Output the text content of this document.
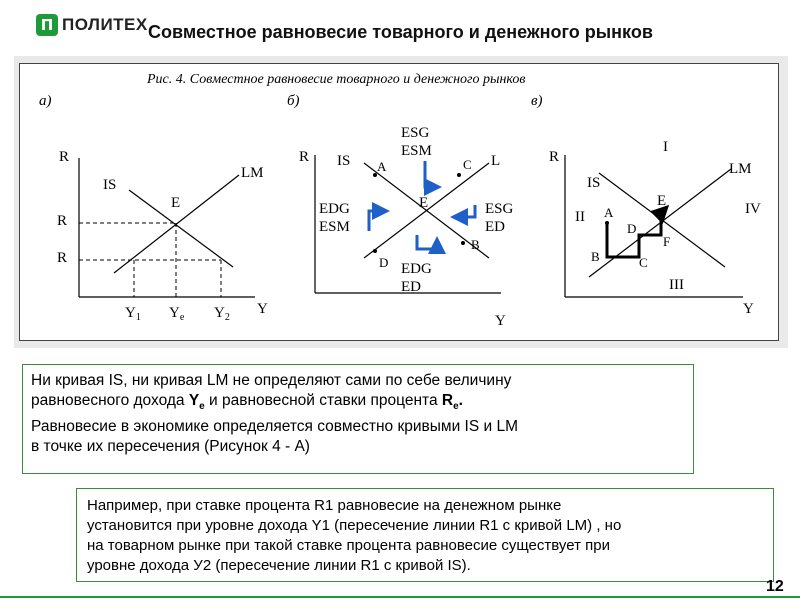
П ПОЛИТЕХ Совместное равновесие товарного и денежного рынков
Рис. 4. Совместное равновесие товарного и денежного рынков
а)
R
Y
IS
LM
E
R
R
$Y_1$ $Y_e$ $Y_2$
б)
R
Y
IS	L
E
A	C
B
D
ESG
ESM
EDG
ESM
ESG
ED
EDG
ED
в)
R
Y
IS
LM
E
I
II
III
IV
A
B	C
D
F
Ни кривая IS, ни кривая LM не определяют сами по себе величину
равновесного дохода $Y_е$ и равновесной ставки процента $R_е$.
Равновесие в экономике определяется совместно кривыми IS и LM
в точке их пересечения (Рисунок 4 - А)
Например, при ставке процента R1 равновесие на денежном рынке
установится при уровне дохода Y1 (пересечение линии R1 с кривой LM) , но
на товарном рынке при такой ставке процента равновесие существует при
уровне дохода У2 (пересечение линии R1 с кривой IS).
12
